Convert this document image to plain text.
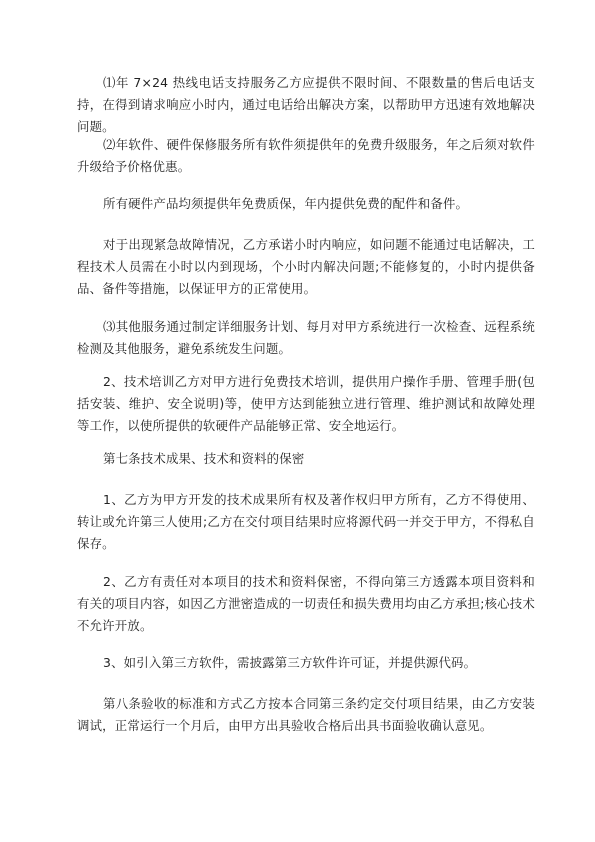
⑴年 7×24 热线电话支持服务乙方应提供不限时间、不限数量的售后电话支持，在得到请求响应小时内，通过电话给出解决方案，以帮助甲方迅速有效地解决问题。

⑵年软件、硬件保修服务所有软件须提供年的免费升级服务，年之后须对软件升级给予价格优惠。

所有硬件产品均须提供年免费质保，年内提供免费的配件和备件。

对于出现紧急故障情况，乙方承诺小时内响应，如问题不能通过电话解决，工程技术人员需在小时以内到现场，个小时内解决问题;不能修复的，小时内提供备品、备件等措施，以保证甲方的正常使用。

⑶其他服务通过制定详细服务计划、每月对甲方系统进行一次检查、远程系统检测及其他服务，避免系统发生问题。

2、技术培训乙方对甲方进行免费技术培训，提供用户操作手册、管理手册(包括安装、维护、安全说明)等，使甲方达到能独立进行管理、维护测试和故障处理等工作，以使所提供的软硬件产品能够正常、安全地运行。

第七条技术成果、技术和资料的保密

1、乙方为甲方开发的技术成果所有权及著作权归甲方所有，乙方不得使用、转让或允许第三人使用;乙方在交付项目结果时应将源代码一并交于甲方，不得私自保存。

2、乙方有责任对本项目的技术和资料保密，不得向第三方透露本项目资料和有关的项目内容，如因乙方泄密造成的一切责任和损失费用均由乙方承担;核心技术不允许开放。

3、如引入第三方软件，需披露第三方软件许可证，并提供源代码。

第八条验收的标准和方式乙方按本合同第三条约定交付项目结果，由乙方安装调试，正常运行一个月后，由甲方出具验收合格后出具书面验收确认意见。
